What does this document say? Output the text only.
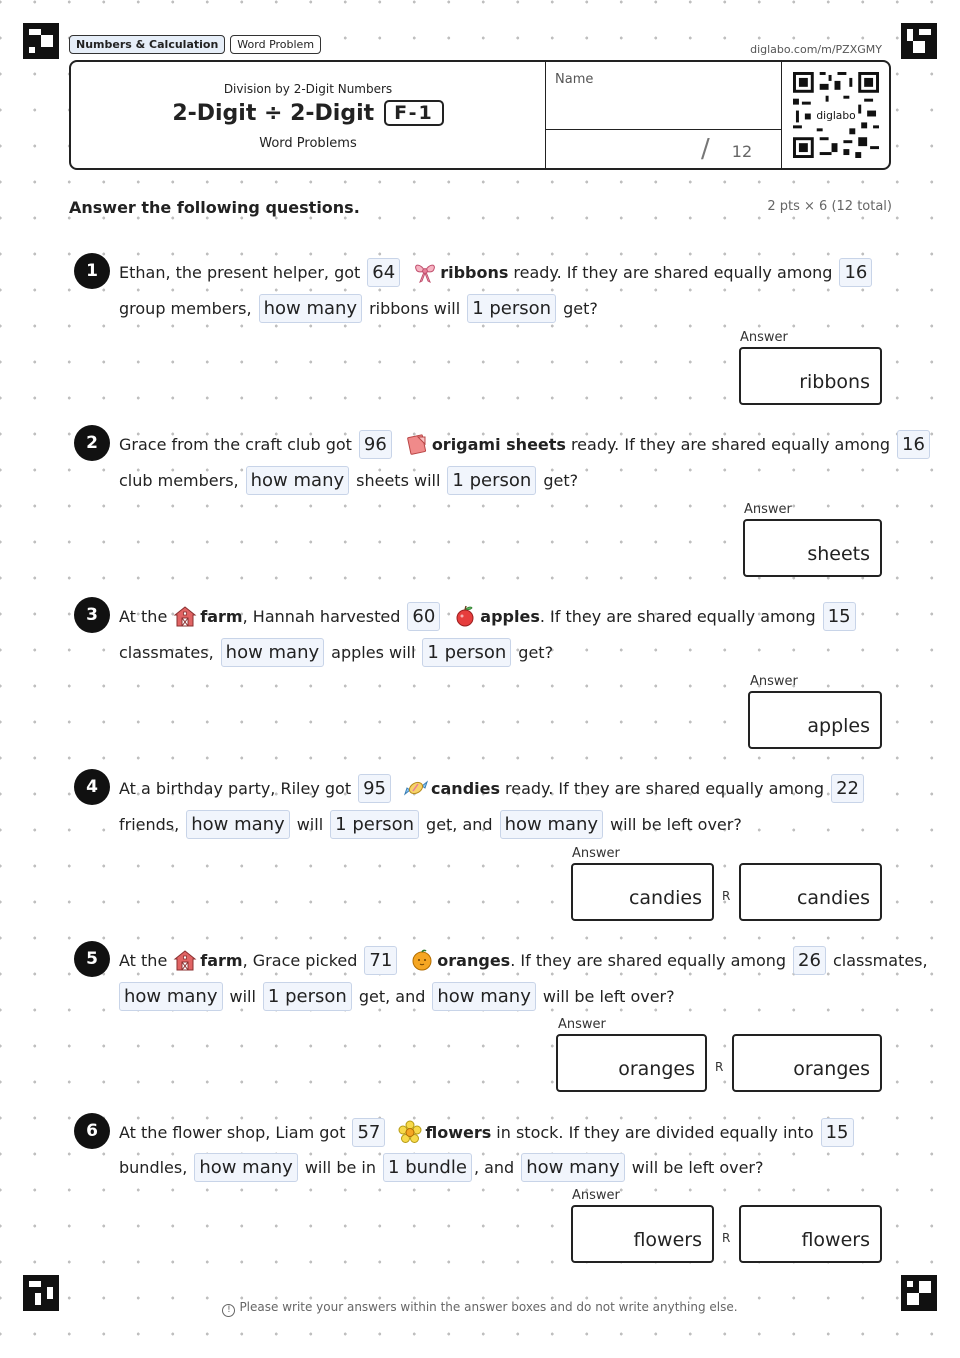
Numbers & Calculation	Word Problem	diglabo.com/m/PZXGMY
Division by 2-Digit Numbers
2-Digit ÷ 2-Digit	F-1
Word Problems
Name
/ 12
diglabo
Answer the following questions.	2 pts × 6 (12 total)
1	Ethan, the present helper, got 64	ribbons ready. If they are shared equally among 16
group members, how many ribbons will 1 person get?
Answer
ribbons
2	Grace from the craft club got 96	origami sheets ready. If they are shared equally among 16
club members, how many sheets will 1 person get?
Answer
sheets
3	At the farm , Hannah harvested 60	apples . If they are shared equally among 15
classmates, how many apples will 1 person get?
Answer
apples
4	At a birthday party, Riley got 95	candies ready. If they are shared equally among 22
friends, how many will 1 person get, and how many will be left over?
Answer
candies	R	candies
5	At the farm , Grace picked 71	oranges . If they are shared equally among 26 classmates,
how many will 1 person get, and how many will be left over?
Answer
oranges	R	oranges
6	At the flower shop, Liam got 57	flowers in stock. If they are divided equally into 15
bundles, how many will be in 1 bundle , and how many will be left over?
Answer
flowers	R	flowers
! Please write your answers within the answer boxes and do not write anything else.
